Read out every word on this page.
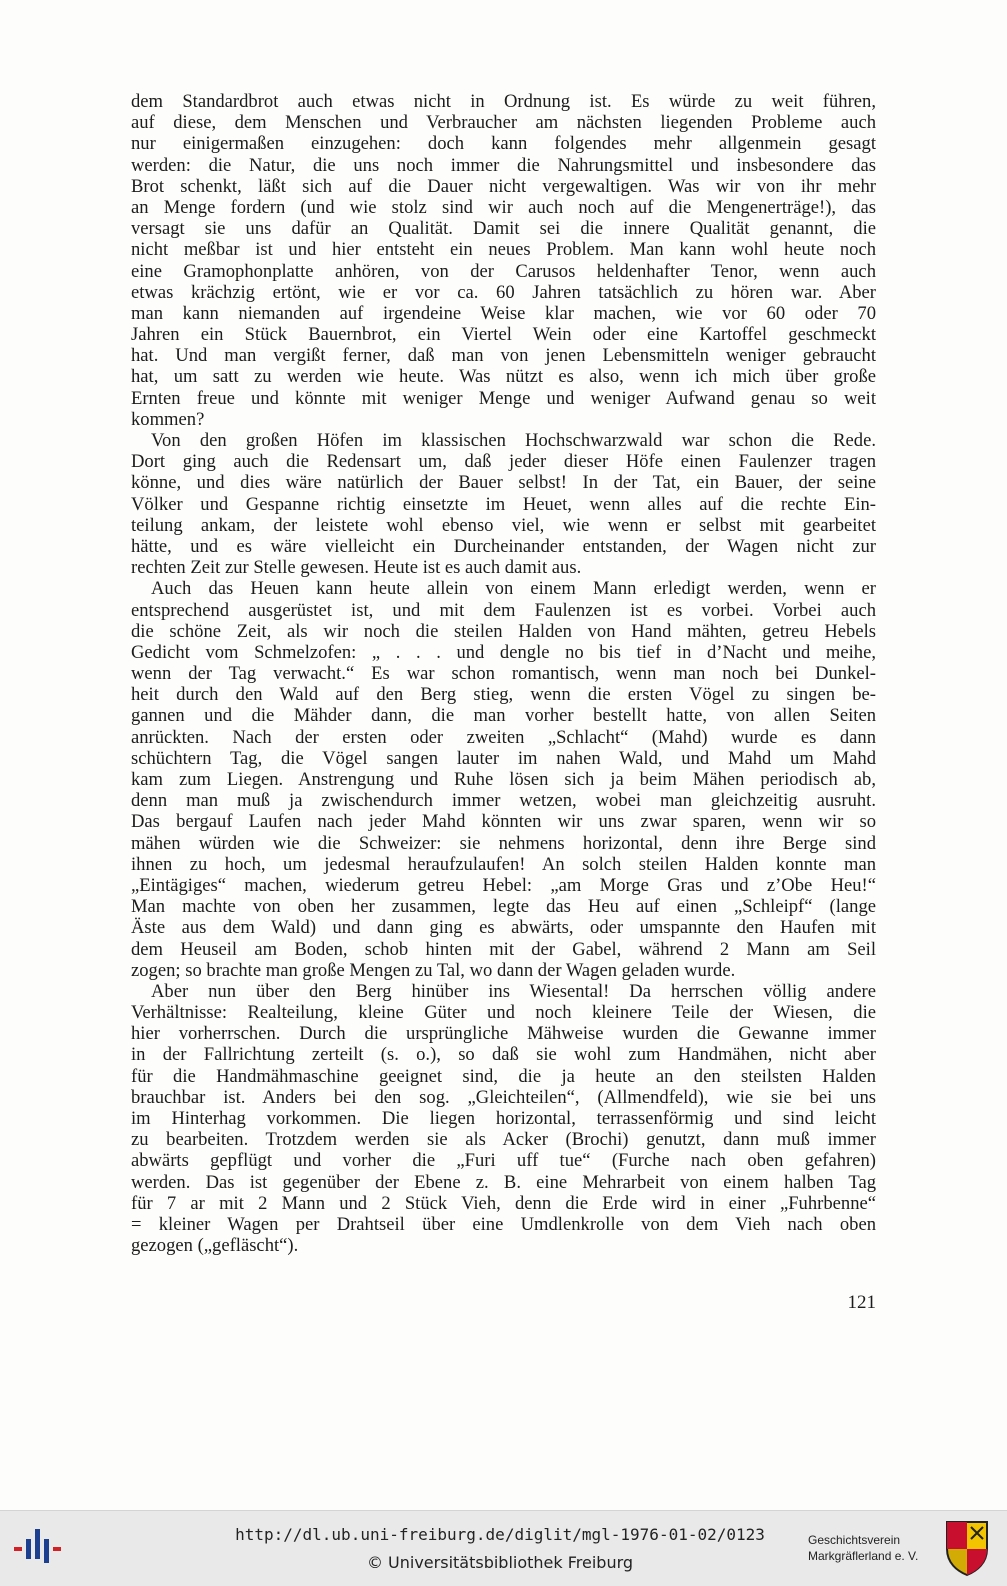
dem Standardbrot auch etwas nicht in Ordnung ist. Es würde zu weit führen,
auf diese, dem Menschen und Verbraucher am nächsten liegenden Probleme auch
nur einigermaßen einzugehen: doch kann folgendes mehr allgenmein gesagt
werden: die Natur, die uns noch immer die Nahrungsmittel und insbesondere das
Brot schenkt, läßt sich auf die Dauer nicht vergewaltigen. Was wir von ihr mehr
an Menge fordern (und wie stolz sind wir auch noch auf die Mengenerträge!), das
versagt sie uns dafür an Qualität. Damit sei die innere Qualität genannt, die
nicht meßbar ist und hier entsteht ein neues Problem. Man kann wohl heute noch
eine Gramophonplatte anhören, von der Carusos heldenhafter Tenor, wenn auch
etwas krächzig ertönt, wie er vor ca. 60 Jahren tatsächlich zu hören war. Aber
man kann niemanden auf irgendeine Weise klar machen, wie vor 60 oder 70
Jahren ein Stück Bauernbrot, ein Viertel Wein oder eine Kartoffel geschmeckt
hat. Und man vergißt ferner, daß man von jenen Lebensmitteln weniger gebraucht
hat, um satt zu werden wie heute. Was nützt es also, wenn ich mich über große
Ernten freue und könnte mit weniger Menge und weniger Aufwand genau so weit
kommen?
Von den großen Höfen im klassischen Hochschwarzwald war schon die Rede.
Dort ging auch die Redensart um, daß jeder dieser Höfe einen Faulenzer tragen
könne, und dies wäre natürlich der Bauer selbst! In der Tat, ein Bauer, der seine
Völker und Gespanne richtig einsetzte im Heuet, wenn alles auf die rechte Ein-
teilung ankam, der leistete wohl ebenso viel, wie wenn er selbst mit gearbeitet
hätte, und es wäre vielleicht ein Durcheinander entstanden, der Wagen nicht zur
rechten Zeit zur Stelle gewesen. Heute ist es auch damit aus.
Auch das Heuen kann heute allein von einem Mann erledigt werden, wenn er
entsprechend ausgerüstet ist, und mit dem Faulenzen ist es vorbei. Vorbei auch
die schöne Zeit, als wir noch die steilen Halden von Hand mähten, getreu Hebels
Gedicht vom Schmelzofen: „ . . . und dengle no bis tief in d’Nacht und meihe,
wenn der Tag verwacht.“ Es war schon romantisch, wenn man noch bei Dunkel-
heit durch den Wald auf den Berg stieg, wenn die ersten Vögel zu singen be-
gannen und die Mähder dann, die man vorher bestellt hatte, von allen Seiten
anrückten. Nach der ersten oder zweiten „Schlacht“ (Mahd) wurde es dann
schüchtern Tag, die Vögel sangen lauter im nahen Wald, und Mahd um Mahd
kam zum Liegen. Anstrengung und Ruhe lösen sich ja beim Mähen periodisch ab,
denn man muß ja zwischendurch immer wetzen, wobei man gleichzeitig ausruht.
Das bergauf Laufen nach jeder Mahd könnten wir uns zwar sparen, wenn wir so
mähen würden wie die Schweizer: sie nehmens horizontal, denn ihre Berge sind
ihnen zu hoch, um jedesmal heraufzulaufen! An solch steilen Halden konnte man
„Eintägiges“ machen, wiederum getreu Hebel: „am Morge Gras und z’Obe Heu!“
Man machte von oben her zusammen, legte das Heu auf einen „Schleipf“ (lange
Äste aus dem Wald) und dann ging es abwärts, oder umspannte den Haufen mit
dem Heuseil am Boden, schob hinten mit der Gabel, während 2 Mann am Seil
zogen; so brachte man große Mengen zu Tal, wo dann der Wagen geladen wurde.
Aber nun über den Berg hinüber ins Wiesental! Da herrschen völlig andere
Verhältnisse: Realteilung, kleine Güter und noch kleinere Teile der Wiesen, die
hier vorherrschen. Durch die ursprüngliche Mähweise wurden die Gewanne immer
in der Fallrichtung zerteilt (s. o.), so daß sie wohl zum Handmähen, nicht aber
für die Handmähmaschine geeignet sind, die ja heute an den steilsten Halden
brauchbar ist. Anders bei den sog. „Gleichteilen“, (Allmendfeld), wie sie bei uns
im Hinterhag vorkommen. Die liegen horizontal, terrassenförmig und sind leicht
zu bearbeiten. Trotzdem werden sie als Acker (Brochi) genutzt, dann muß immer
abwärts gepflügt und vorher die „Furi uff tue“ (Furche nach oben gefahren)
werden. Das ist gegenüber der Ebene z. B. eine Mehrarbeit von einem halben Tag
für 7 ar mit 2 Mann und 2 Stück Vieh, denn die Erde wird in einer „Fuhrbenne“
= kleiner Wagen per Drahtseil über eine Umdlenkrolle von dem Vieh nach oben
gezogen („gefläscht“).
121
http://dl.ub.uni-freiburg.de/diglit/mgl-1976-01-02/0123
© Universitätsbibliothek Freiburg
Geschichtsverein
Markgräflerland e. V.
